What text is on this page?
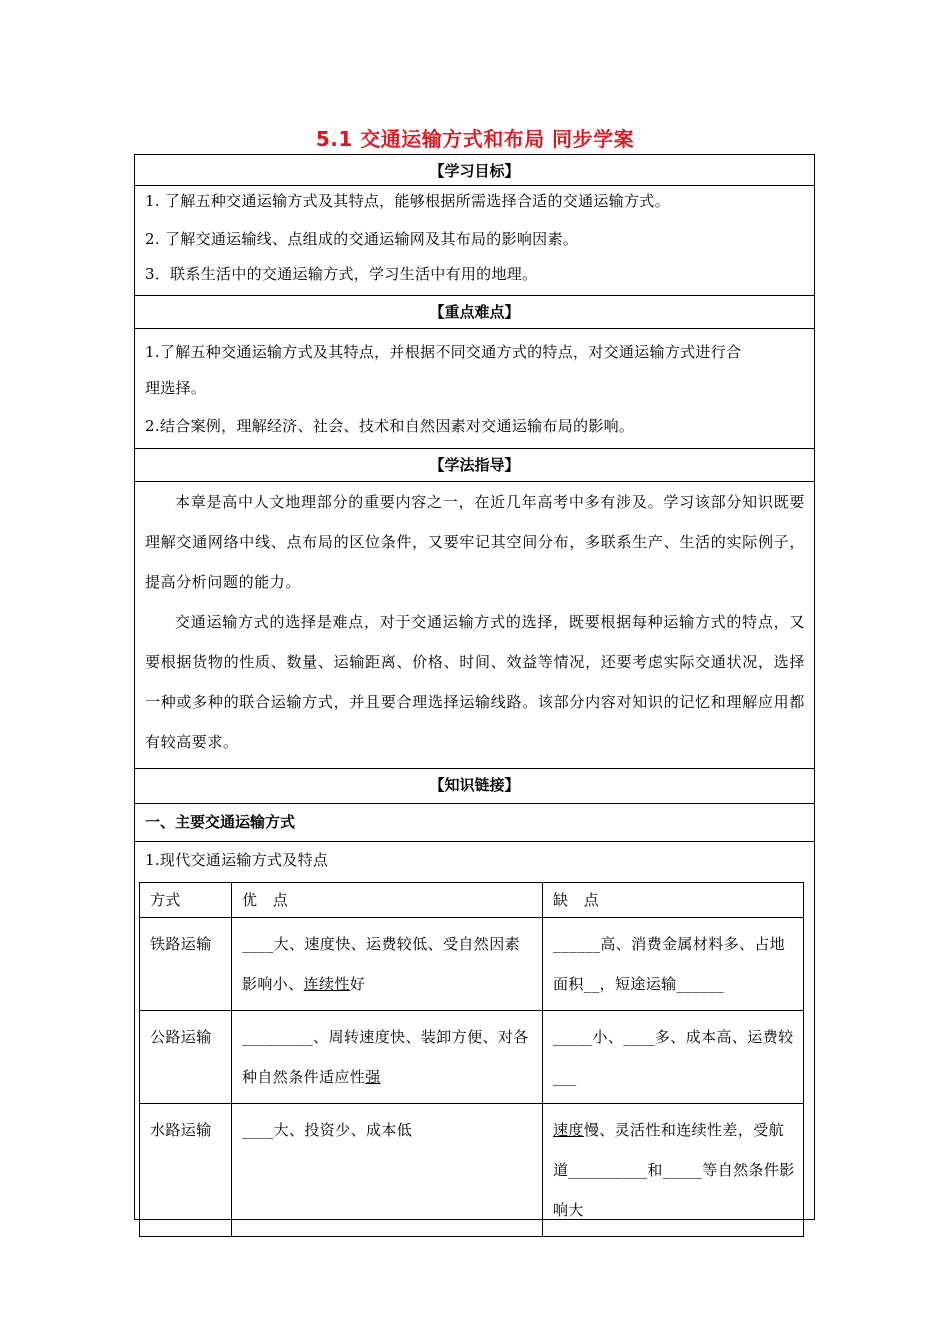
5.1 交通运输方式和布局 同步学案
【学习目标】
1. 了解五种交通运输方式及其特点，能够根据所需选择合适的交通运输方式。
2. 了解交通运输线、点组成的交通运输网及其布局的影响因素。
3．联系生活中的交通运输方式，学习生活中有用的地理。
【重点难点】
1.了解五种交通运输方式及其特点，并根据不同交通方式的特点，对交通运输方式进行合
理选择。
2.结合案例，理解经济、社会、技术和自然因素对交通运输布局的影响。
【学法指导】
本章是高中人文地理部分的重要内容之一，在近几年高考中多有涉及。学习该部分知识既要理解交通网络中线、点布局的区位条件，又要牢记其空间分布，多联系生产、生活的实际例子，提高分析问题的能力。
交通运输方式的选择是难点，对于交通运输方式的选择，既要根据每种运输方式的特点，又要根据货物的性质、数量、运输距离、价格、时间、效益等情况，还要考虑实际交通状况，选择一种或多种的联合运输方式，并且要合理选择运输线路。该部分内容对知识的记忆和理解应用都有较高要求。
【知识链接】
一、主要交通运输方式
1.现代交通运输方式及特点
方式	优　点	缺　点
铁路运输	____大、速度快、运费较低、受自然因素影响小、连续性好	______高、消费金属材料多、占地面积__，短途运输______
公路运输	_________、周转速度快、装卸方便、对各种自然条件适应性强	_____小、____多、成本高、运费较___
水路运输	____大、投资少、成本低	速度慢、灵活性和连续性差，受航道__________和_____等自然条件影响大
